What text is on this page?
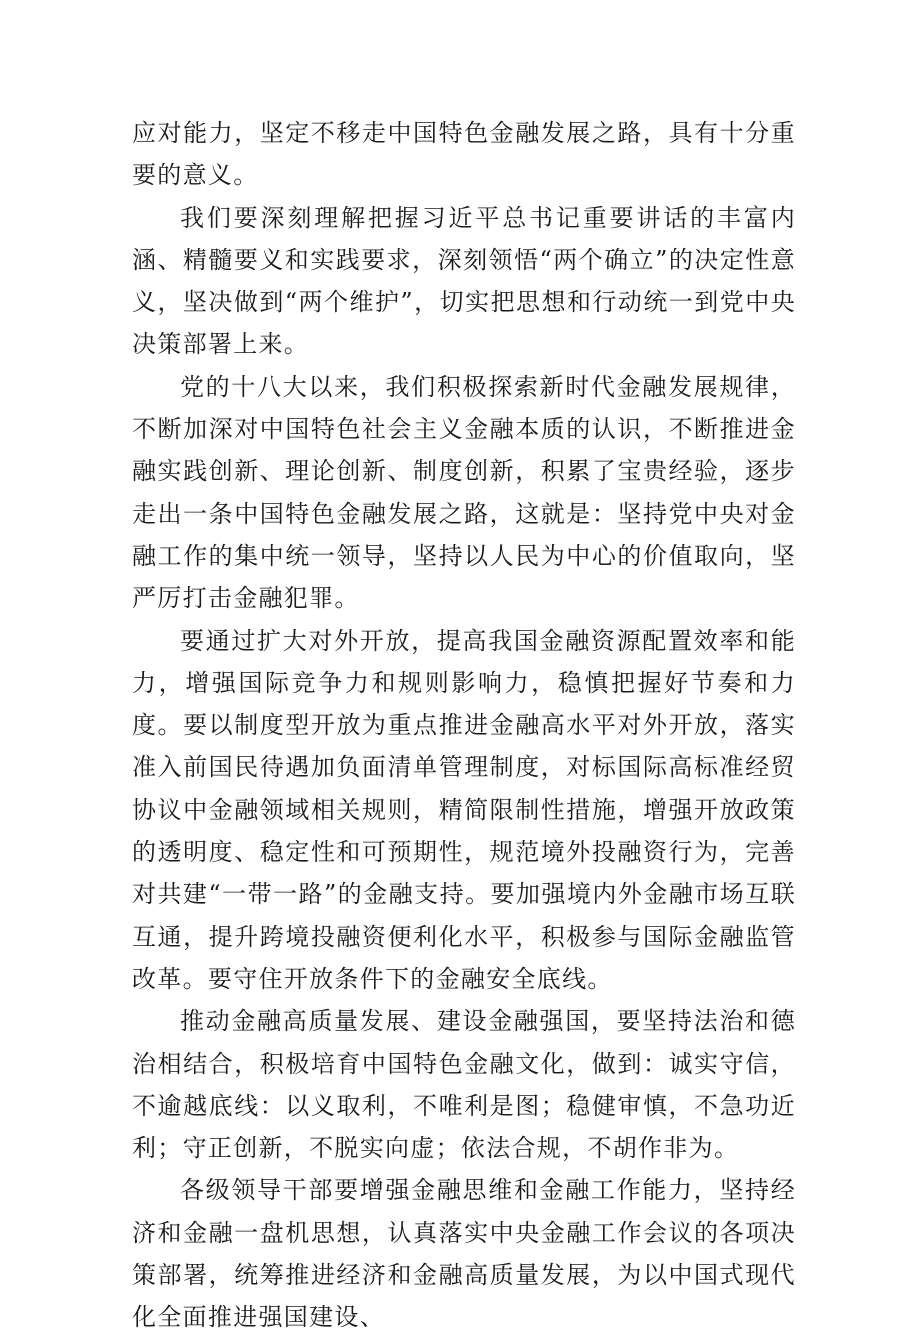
应对能力，坚定不移走中国特色金融发展之路，具有十分重要的意义。

我们要深刻理解把握习近平总书记重要讲话的丰富内涵、精髓要义和实践要求，深刻领悟“两个确立”的决定性意义，坚决做到“两个维护”，切实把思想和行动统一到党中央决策部署上来。

党的十八大以来，我们积极探索新时代金融发展规律，不断加深对中国特色社会主义金融本质的认识，不断推进金融实践创新、理论创新、制度创新，积累了宝贵经验，逐步走出一条中国特色金融发展之路，这就是：坚持党中央对金融工作的集中统一领导，坚持以人民为中心的价值取向，坚严厉打击金融犯罪。

要通过扩大对外开放，提高我国金融资源配置效率和能力，增强国际竞争力和规则影响力，稳慎把握好节奏和力度。要以制度型开放为重点推进金融高水平对外开放，落实准入前国民待遇加负面清单管理制度，对标国际高标准经贸协议中金融领域相关规则，精简限制性措施，增强开放政策的透明度、稳定性和可预期性，规范境外投融资行为，完善对共建“一带一路”的金融支持。要加强境内外金融市场互联互通，提升跨境投融资便利化水平，积极参与国际金融监管改革。要守住开放条件下的金融安全底线。

推动金融高质量发展、建设金融强国，要坚持法治和德治相结合，积极培育中国特色金融文化，做到：诚实守信，不逾越底线：以义取利，不唯利是图；稳健审慎，不急功近利；守正创新，不脱实向虚；依法合规，不胡作非为。

各级领导干部要增强金融思维和金融工作能力，坚持经济和金融一盘机思想，认真落实中央金融工作会议的各项决策部署，统筹推进经济和金融高质量发展，为以中国式现代化全面推进强国建设、
